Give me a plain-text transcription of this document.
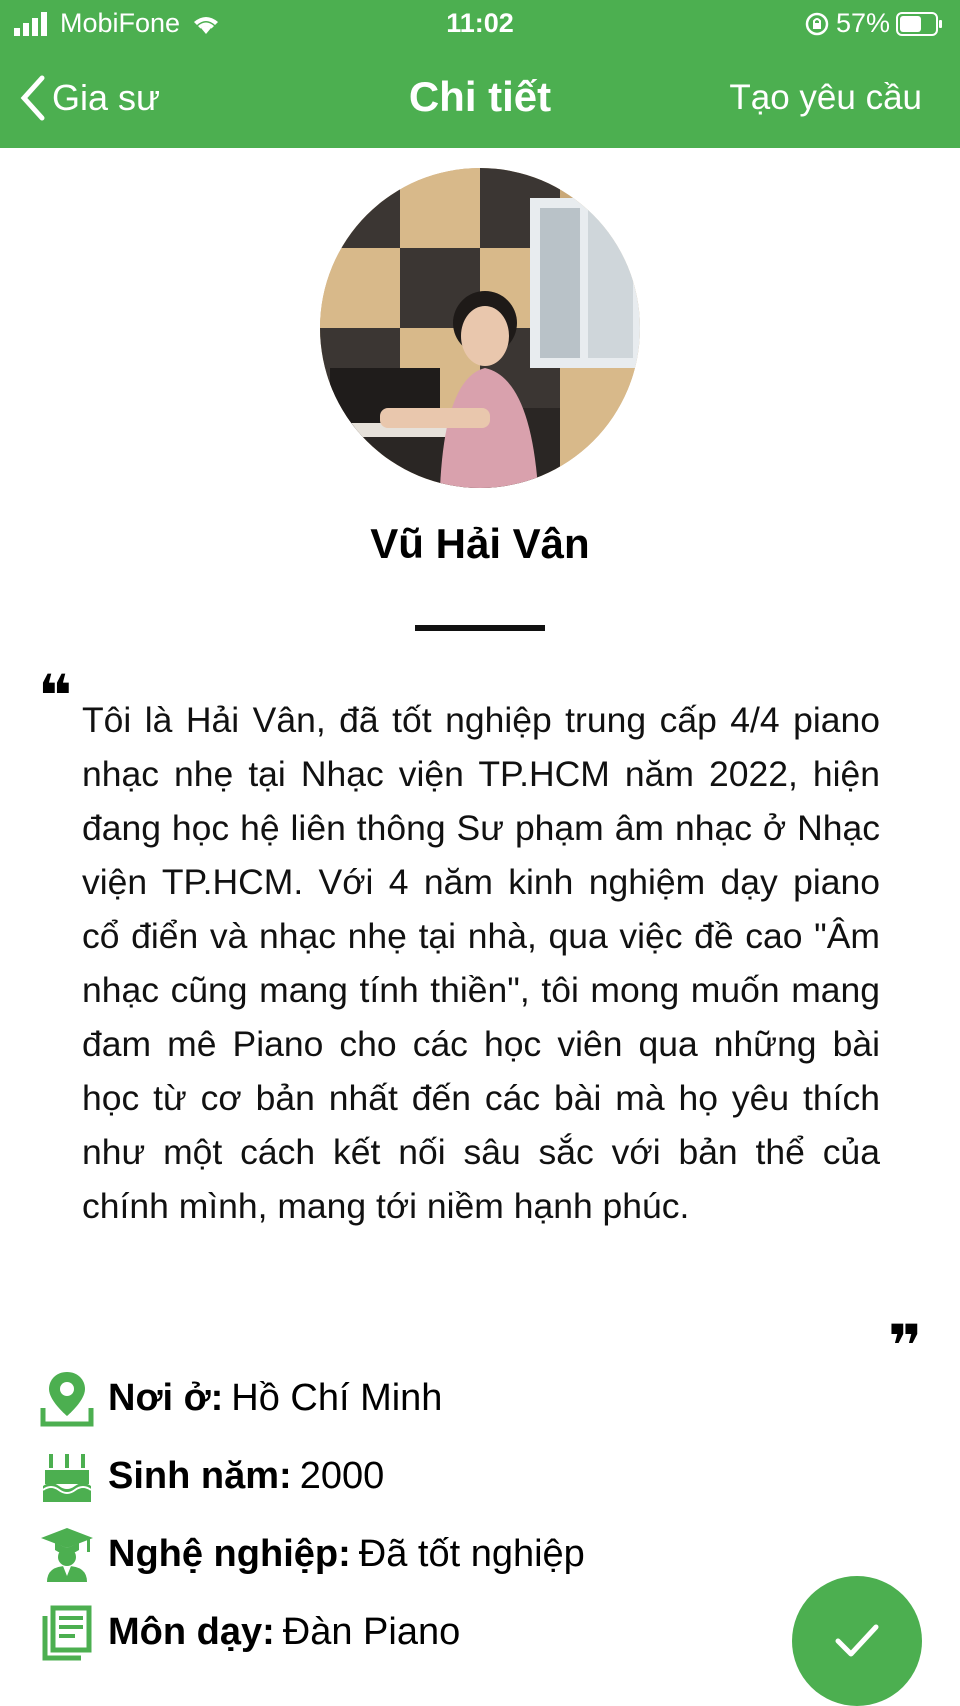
MobiFone	11:02	57%
Gia sư	Chi tiết	Tạo yêu cầu
Vũ Hải Vân
❝ Tôi là Hải Vân, đã tốt nghiệp trung cấp 4/4 piano nhạc nhẹ tại Nhạc viện TP.HCM năm 2022, hiện đang học hệ liên thông Sư phạm âm nhạc ở Nhạc viện TP.HCM. Với 4 năm kinh nghiệm dạy piano cổ điển và nhạc nhẹ tại nhà, qua việc đề cao "Âm nhạc cũng mang tính thiền", tôi mong muốn mang đam mê Piano cho các học viên qua những bài học từ cơ bản nhất đến các bài mà họ yêu thích như một cách kết nối sâu sắc với bản thể của chính mình, mang tới niềm hạnh phúc.
❞
Nơi ở: Hồ Chí Minh
Sinh năm: 2000
Nghệ nghiệp: Đã tốt nghiệp
Môn dạy: Đàn Piano
